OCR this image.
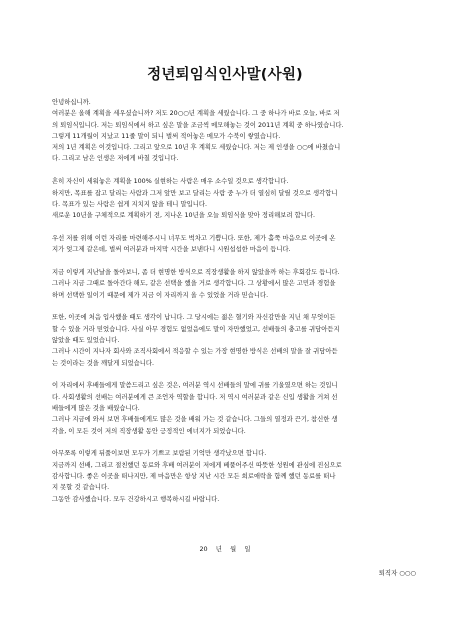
정년퇴임식인사말(사원)
안녕하십니까.
여러분은 올해 계획을 세우셨습니까? 저도 20○○년 계획을 세웠습니다. 그 중 하나가 바로 오늘, 바로 저
의 퇴임식입니다. 저는 퇴임식에서 하고 싶은 말을 조금씩 메모해놓는 것이 2011년 계획 중 하나였습니다.
그렇게 11개월이 지났고 11줄 말이 되니 벌써 적어놓은 메모가 수북이 쌓였습니다.
저의 1년 계획은 이것입니다. 그리고 앞으로 10년 후 계획도 세웠습니다. 저는 제 인생을 ○○에 바쳤습니
다. 그리고 남은 인생은 저에게 바칠 것입니다.
흔히 자신이 세워놓은 계획을 100% 실현하는 사람은 매우 소수일 것으로 생각합니다.
하지만, 목표를 잡고 달리는 사람과 그저 앞만 보고 달리는 사람 중 누가 더 열심히 달릴 것으로 생각합니
다. 목표가 있는 사람은 쉽게 지치지 않을 테니 말입니다.
새로운 10년을 구체적으로 계획하기 전, 지나온 10년을 오늘 퇴임식을 맞아 정리해보려 합니다.
우선 저를 위해 이런 자리를 마련해주시니 너무도 벅차고 기쁩니다. 또한, 제가 홀쭉 마음으로 이곳에 온
지가 엊그제 같은데, 벌써 여러분과 마지막 시간을 보낸다니 시원섭섭한 마음이 듭니다.
지금 이렇게 지난날을 돌아보니, 좀 더 현명한 방식으로 직장생활을 하지 않았을까 하는 후회감도 듭니다.
그러나 지금 그때로 돌아간다 해도, 같은 선택을 했을 거로 생각합니다. 그 상황에서 많은 고민과 경험을
하며 선택한 일이기 때문에 제가 지금 이 자리까지 올 수 있었을 거라 믿습니다.
또한, 이곳에 처음 입사했을 때도 생각이 납니다. 그 당시에는 젊은 혈기와 자신감만을 지닌 채 무엇이든
할 수 있을 거라 믿었습니다. 사실 아무 경험도 없었음에도 말이 자만했었고, 선배들의 충고를 귀담아듣지
않았을 때도 있었습니다.
그러나 시간이 지나자 회사와 조직사회에서 적응할 수 있는 가장 현명한 방식은 선배의 말을 잘 귀담아듣
는 것이라는 것을 깨달게 되었습니다.
이 자리에서 후배들에게 말씀드리고 싶은 것은, 여러분 역시 선배들의 말에 귀를 기울였으면 하는 것입니
다. 사회생활의 선배는 여러분에게 큰 조언자 역할을 합니다. 저 역시 여러분과 같은 신입 생활을 거쳐 선
배들에게 많은 것을 배웠습니다.
그러나 지금에 와서 보면 후배들에게도 많은 것을 배워 가는 것 같습니다. 그들의 열정과 끈기, 참신한 생
각을, 이 모든 것이 저의 직장생활 동안 긍정적인 에너지가 되었습니다.
아무쪼록 이렇게 뒤풀이보면 모두가 기쁘고 보람된 기억만 생각났으면 합니다.
지금까지 선배, 그리고 절친했던 동료와 후배 여러분이 저에게 베풀어주신 따뜻한 성원에 관심에 진심으로
감사합니다. 좋은 이곳을 떠나지만, 제 마음만은 항상 지난 시간 모든 희로애락을 함께 했던 동료를 떠나
지 못할 것 같습니다.
그동안 감사했습니다. 모두 건강하시고 행복하시길 바랍니다.
20    년    월    일
퇴직자 ○○○
